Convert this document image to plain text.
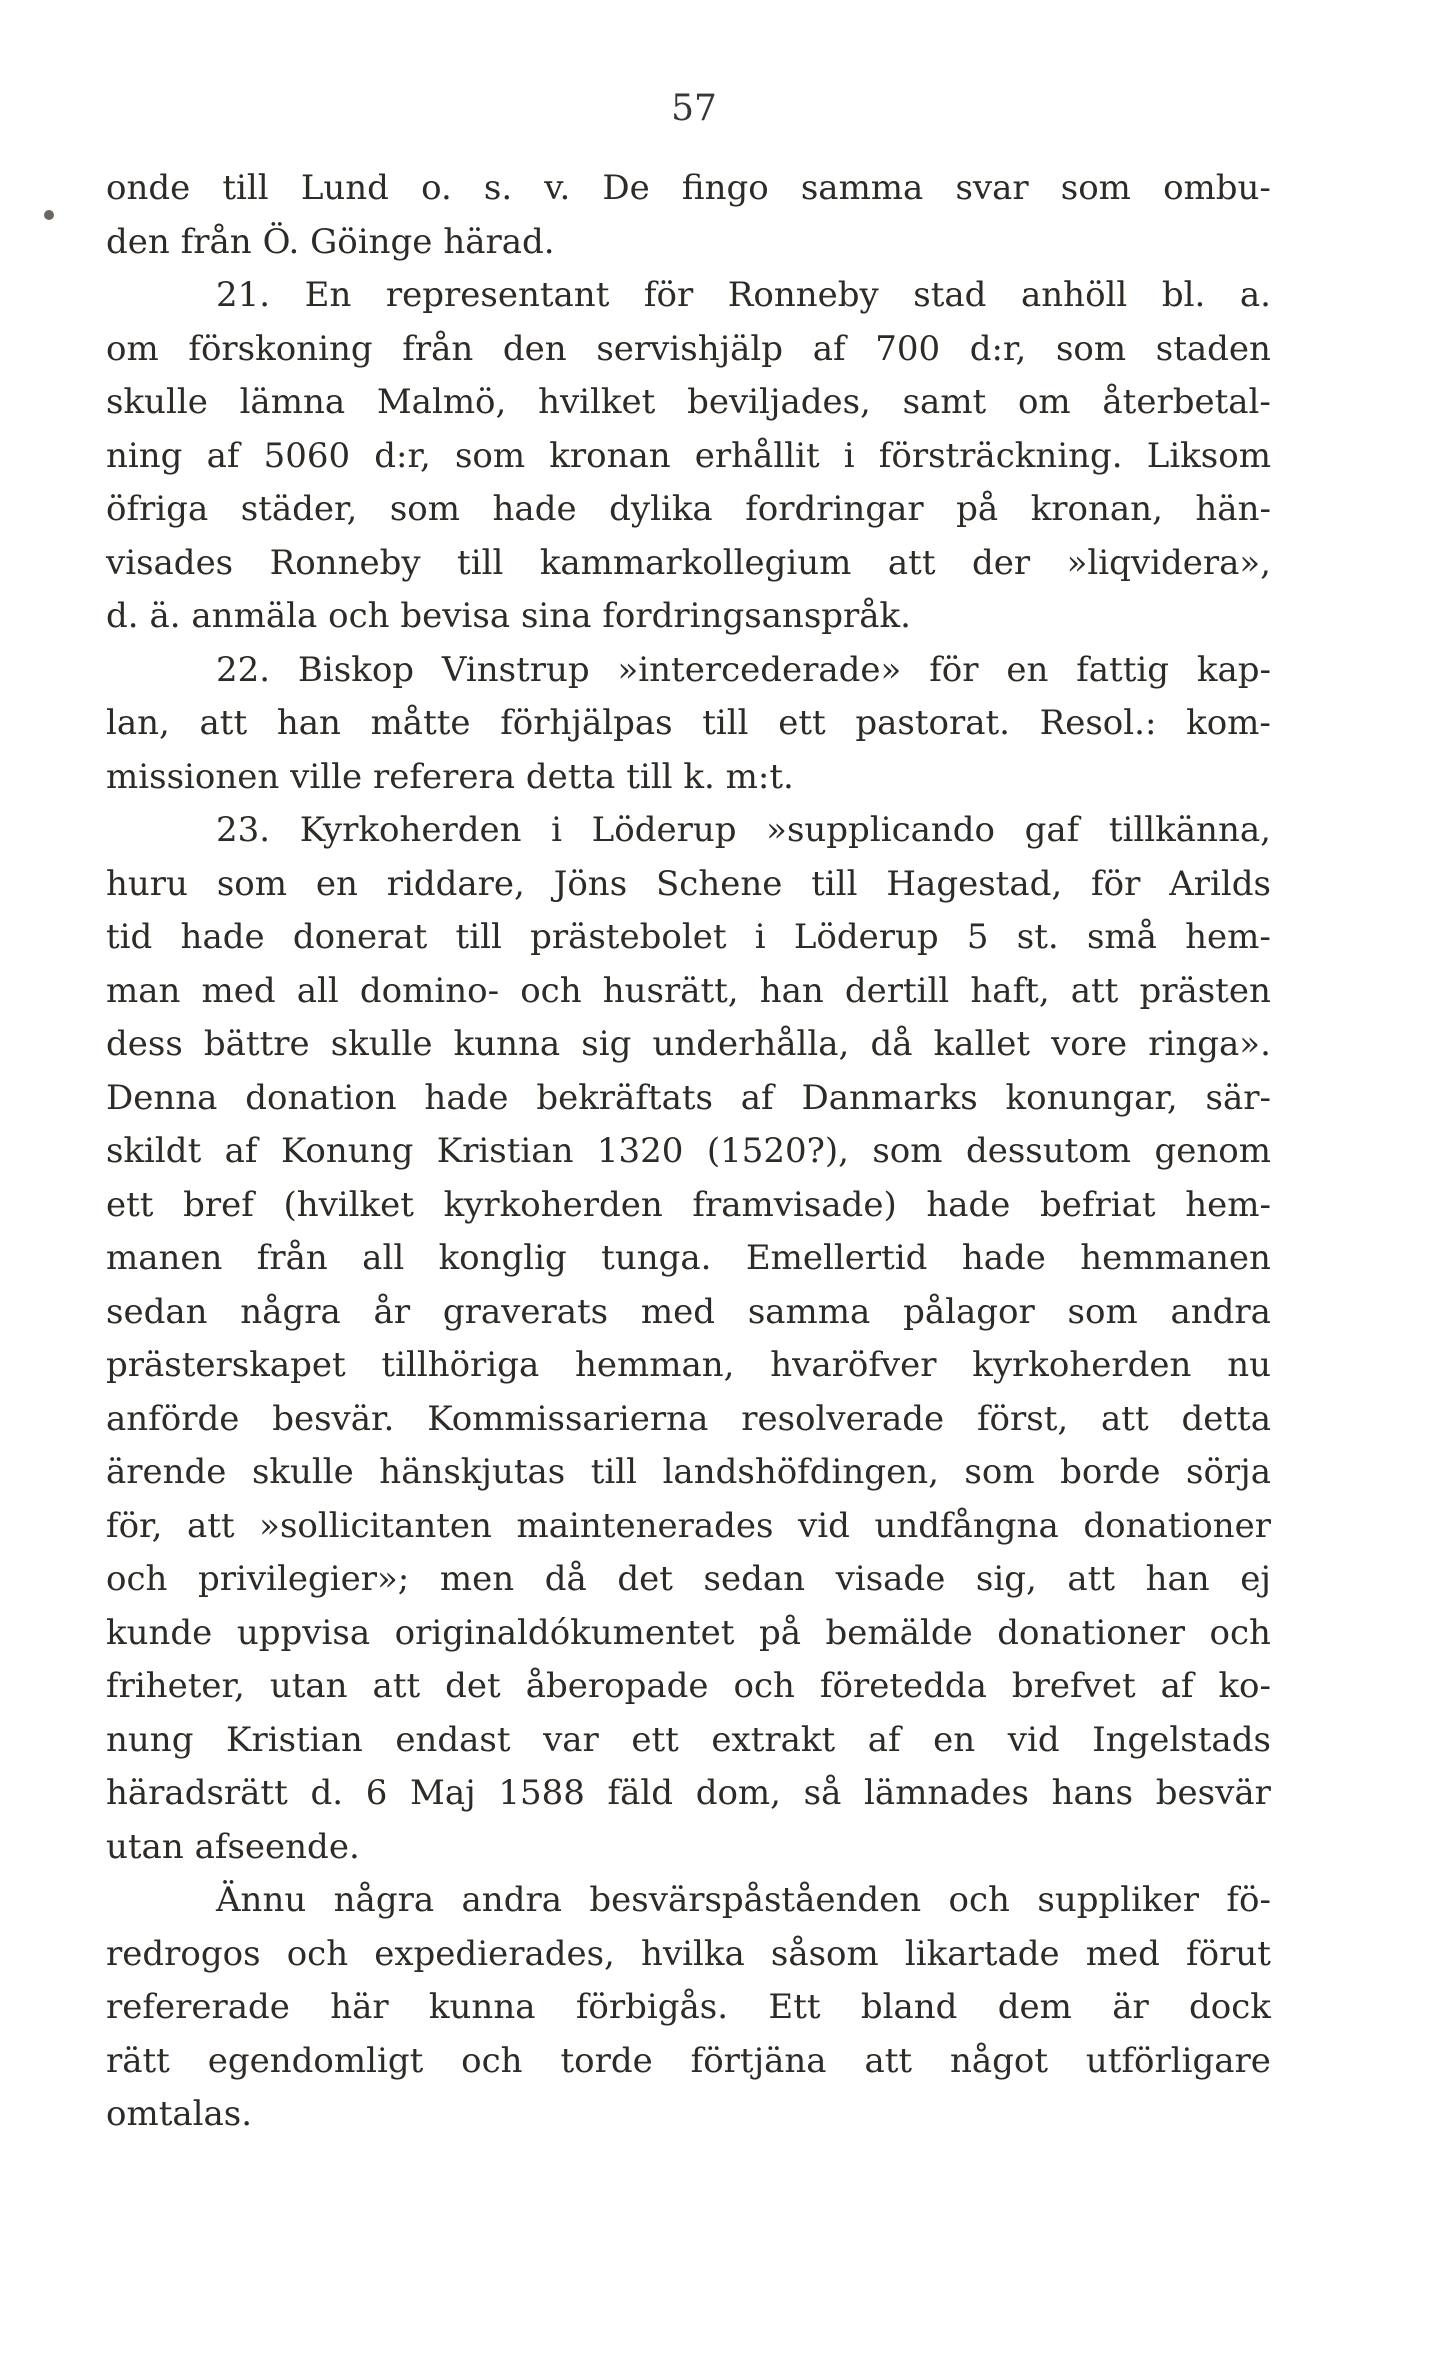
57
onde till Lund o. s. v. De fingo samma svar som ombu-
den från Ö. Göinge härad.
21. En representant för Ronneby stad anhöll bl. a.
om förskoning från den servishjälp af 700 d:r, som staden
skulle lämna Malmö, hvilket beviljades, samt om återbetal-
ning af 5060 d:r, som kronan erhållit i försträckning. Liksom
öfriga städer, som hade dylika fordringar på kronan, hän-
visades Ronneby till kammarkollegium att der »liqvidera»,
d. ä. anmäla och bevisa sina fordringsanspråk.
22. Biskop Vinstrup »intercederade» för en fattig kap-
lan, att han måtte förhjälpas till ett pastorat. Resol.: kom-
missionen ville referera detta till k. m:t.
23. Kyrkoherden i Löderup »supplicando gaf tillkänna,
huru som en riddare, Jöns Schene till Hagestad, för Arilds
tid hade donerat till prästebolet i Löderup 5 st. små hem-
man med all domino- och husrätt, han dertill haft, att prästen
dess bättre skulle kunna sig underhålla, då kallet vore ringa».
Denna donation hade bekräftats af Danmarks konungar, sär-
skildt af Konung Kristian 1320 (1520?), som dessutom genom
ett bref (hvilket kyrkoherden framvisade) hade befriat hem-
manen från all konglig tunga. Emellertid hade hemmanen
sedan några år graverats med samma pålagor som andra
prästerskapet tillhöriga hemman, hvaröfver kyrkoherden nu
anförde besvär. Kommissarierna resolverade först, att detta
ärende skulle hänskjutas till landshöfdingen, som borde sörja
för, att »sollicitanten maintenerades vid undfångna donationer
och privilegier»; men då det sedan visade sig, att han ej
kunde uppvisa originaldókumentet på bemälde donationer och
friheter, utan att det åberopade och företedda brefvet af ko-
nung Kristian endast var ett extrakt af en vid Ingelstads
häradsrätt d. 6 Maj 1588 fäld dom, så lämnades hans besvär
utan afseende.
Ännu några andra besvärspåståenden och suppliker fö-
redrogos och expedierades, hvilka såsom likartade med förut
refererade här kunna förbigås. Ett bland dem är dock
rätt egendomligt och torde förtjäna att något utförligare
omtalas.
